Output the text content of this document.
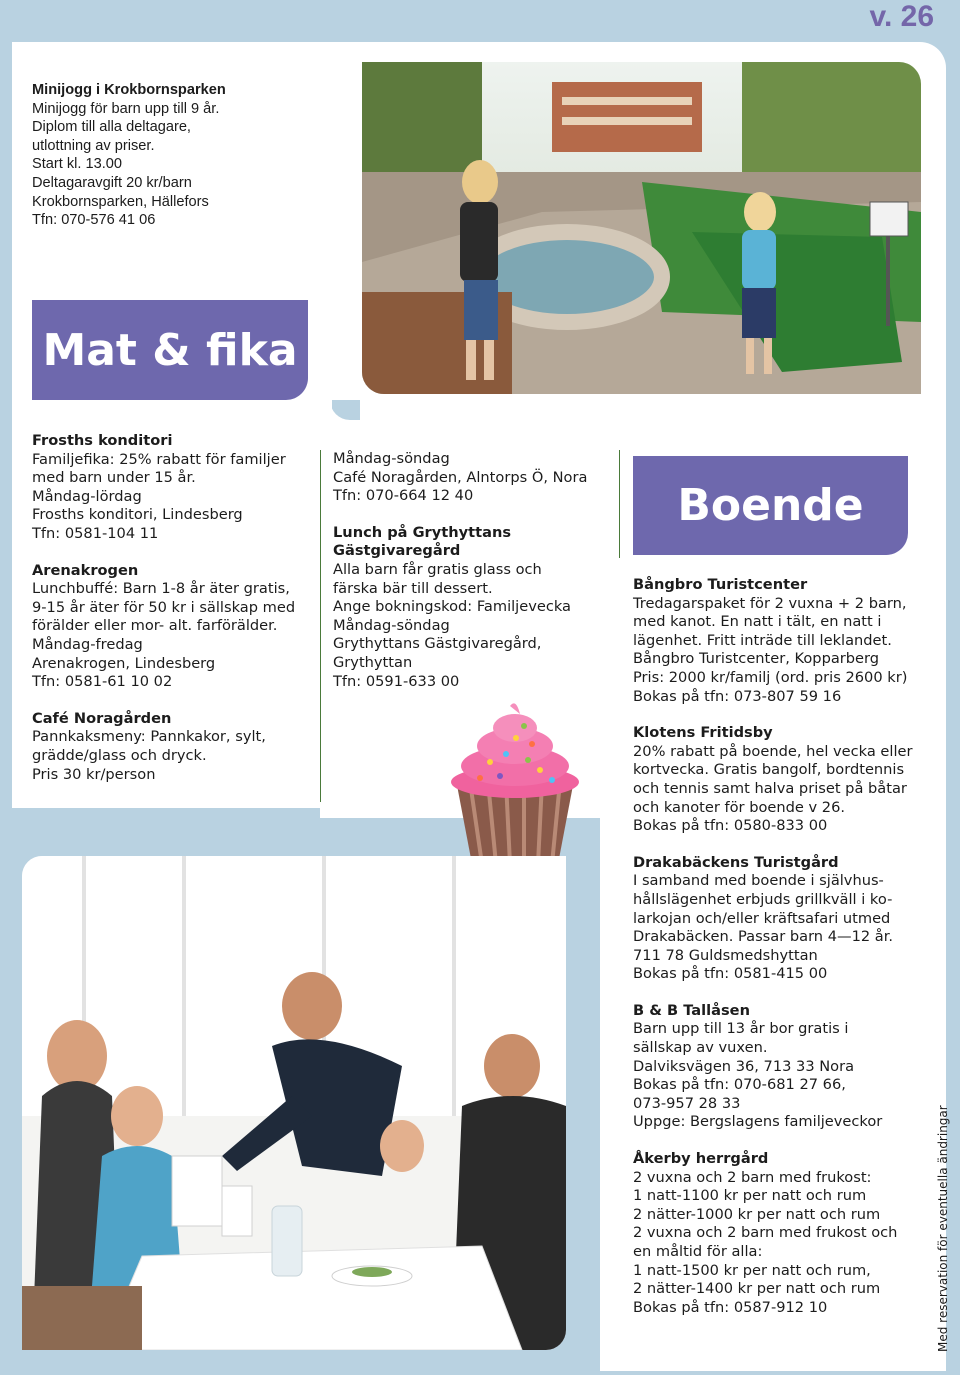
v. 26
Minijogg i Krokbornsparken
Minijogg för barn upp till 9 år.
Diplom till alla deltagare,
utlottning av priser.
Start kl. 13.00
Deltagaravgift 20 kr/barn
Krokbornsparken, Hällefors
Tfn: 070-576 41 06
Mat & fika
Frosths konditori
Familjefika: 25% rabatt för familjer
med barn under 15 år.
Måndag-lördag
Frosths konditori, Lindesberg
Tfn: 0581-104 11
Arenakrogen
Lunchbuffé: Barn 1-8 år äter gratis,
9-15 år äter för 50 kr i sällskap med
förälder eller mor- alt. farförälder.
Måndag-fredag
Arenakrogen, Lindesberg
Tfn: 0581-61 10 02
Café Noragården
Pannkaksmeny: Pannkakor, sylt,
grädde/glass och dryck.
Pris 30 kr/person
Måndag-söndag
Café Noragården, Alntorps Ö, Nora
Tfn: 070-664 12 40
Lunch på Grythyttans
Gästgivaregård
Alla barn får gratis glass och
färska bär till dessert.
Ange bokningskod: Familjevecka
Måndag-söndag
Grythyttans Gästgivaregård,
Grythyttan
Tfn: 0591-633 00
Boende
Bångbro Turistcenter
Tredagarspaket för 2 vuxna + 2 barn,
med kanot. En natt i tält, en natt i
lägenhet. Fritt inträde till leklandet.
Bångbro Turistcenter, Kopparberg
Pris: 2000 kr/familj (ord. pris 2600 kr)
Bokas på tfn: 073-807 59 16
Klotens Fritidsby
20% rabatt på boende, hel vecka eller
kortvecka. Gratis bangolf, bordtennis
och tennis samt halva priset på båtar
och kanoter för boende v 26.
Bokas på tfn: 0580-833 00
Drakabäckens Turistgård
I samband med boende i självhus-
hållslägenhet erbjuds grillkväll i ko-
larkojan och/eller kräftsafari utmed
Drakabäcken. Passar barn 4—12 år.
711 78 Guldsmedshyttan
Bokas på tfn: 0581-415 00
B & B Tallåsen
Barn upp till 13 år bor gratis i
sällskap av vuxen.
Dalviksvägen 36, 713 33 Nora
Bokas på tfn: 070-681 27 66,
073-957 28 33
Uppge: Bergslagens familjeveckor
Åkerby herrgård
2 vuxna och 2 barn med frukost:
1 natt-1100 kr per natt och rum
2 nätter-1000 kr per natt och rum
2 vuxna och 2 barn med frukost och
en måltid för alla:
1 natt-1500 kr per natt och rum,
2 nätter-1400 kr per natt och rum
Bokas på tfn: 0587-912 10	Med reservation för eventuella ändringar
